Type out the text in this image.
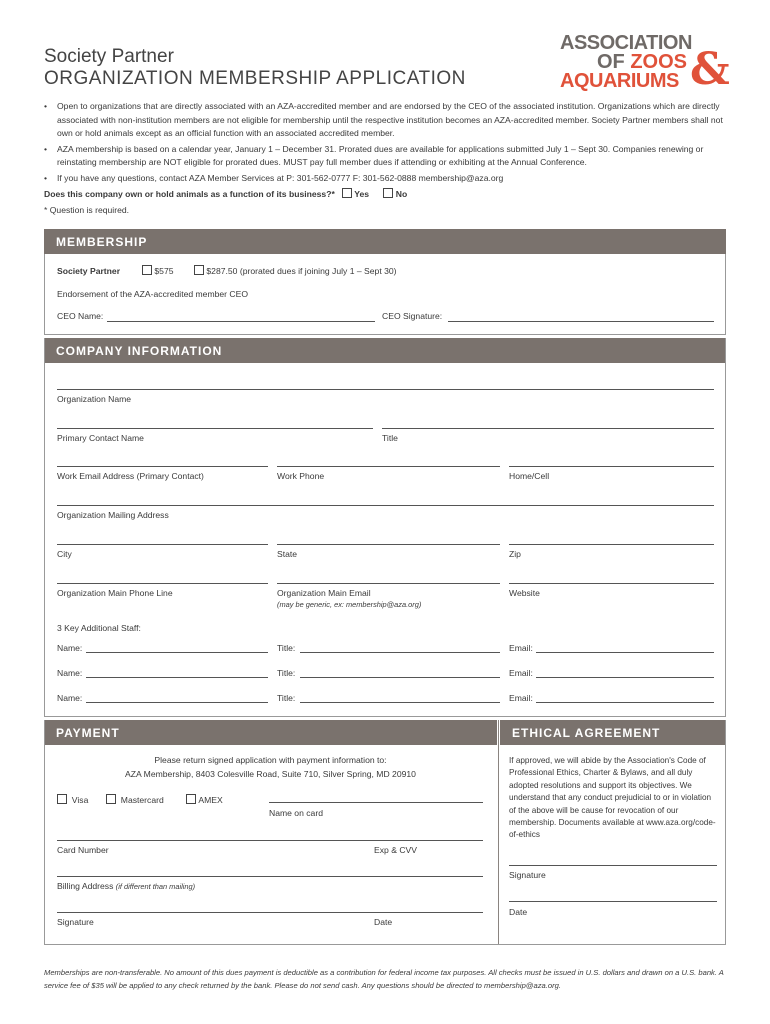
Society Partner
ORGANIZATION MEMBERSHIP APPLICATION
ASSOCIATION
OF ZOOS
AQUARIUMS &
• Open to organizations that are directly associated with an AZA-accredited member and are endorsed by the CEO of the associated institution. Organizations which are directly associated with non-institution members are not eligible for membership until the respective institution becomes an AZA-accredited member. Society Partner members shall not own or hold animals except as an official function with an associated accredited member.
• AZA membership is based on a calendar year, January 1 – December 31. Prorated dues are available for applications submitted July 1 – Sept 30. Companies renewing or reinstating membership are NOT eligible for prorated dues. MUST pay full member dues if attending or exhibiting at the Annual Conference.
• If you have any questions, contact AZA Member Services at P: 301-562-0777 F: 301-562-0888 membership@aza.org
Does this company own or hold animals as a function of its business?* Yes	No
* Question is required.
MEMBERSHIP
Society Partner	$575	$287.50 (prorated dues if joining July 1 – Sept 30)
Endorsement of the AZA-accredited member CEO
CEO Name:	CEO Signature:
COMPANY INFORMATION
Organization Name
Primary Contact Name	Title
Work Email Address (Primary Contact)	Work Phone	Home/Cell
Organization Mailing Address
City	State	Zip
Organization Main Phone Line	Organization Main Email
(may be generic, ex: membership@aza.org)
Website
3 Key Additional Staff:
Name:	Title:	Email:
Name:	Title:	Email:
Name:	Title:	Email:
PAYMENT	ETHICAL AGREEMENT
Please return signed application with payment information to:
AZA Membership, 8403 Colesville Road, Suite 710, Silver Spring, MD 20910
Visa	Mastercard	AMEX
Name on card
Card Number	Exp & CVV
Billing Address (if different than mailing)
Signature	Date
If approved, we will abide by the Association's Code of Professional Ethics, Charter & Bylaws, and all duly adopted resolutions and support its objectives. We understand that any conduct prejudicial to or in violation of the above will be cause for revocation of our membership. Documents available at www.aza.org/code-of-ethics
Signature
Date
Memberships are non-transferable. No amount of this dues payment is deductible as a contribution for federal income tax purposes. All checks must be issued in U.S. dollars and drawn on a U.S. bank. A service fee of $35 will be applied to any check returned by the bank. Please do not send cash. Any questions should be directed to membership@aza.org.
